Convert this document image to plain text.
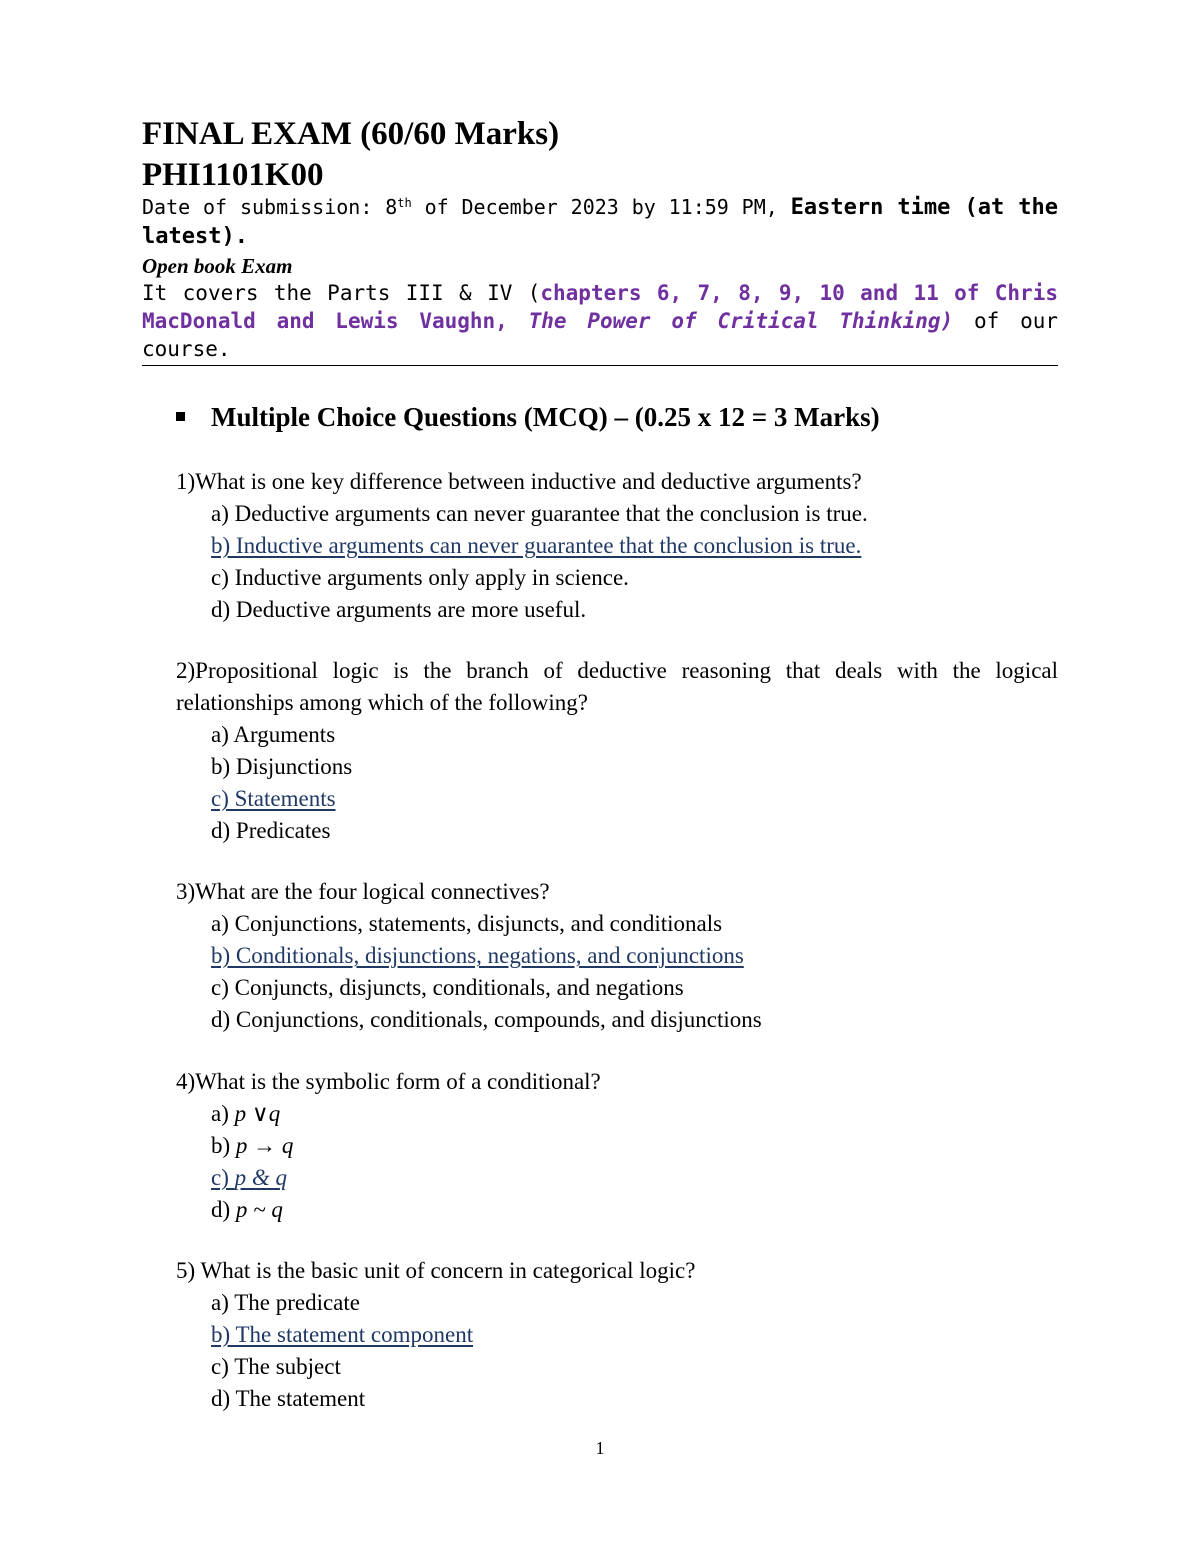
FINAL EXAM (60/60 Marks)
PHI1101K00
Date of submission: 8th of December 2023 by 11:59 PM, Eastern time (at the latest).
Open book Exam
It covers the Parts III & IV (chapters 6, 7, 8, 9, 10 and 11 of Chris MacDonald and Lewis Vaughn, The Power of Critical Thinking) of our course.
Multiple Choice Questions (MCQ) – (0.25 x 12 = 3 Marks)
1)What is one key difference between inductive and deductive arguments?
a) Deductive arguments can never guarantee that the conclusion is true.
b) Inductive arguments can never guarantee that the conclusion is true.
c) Inductive arguments only apply in science.
d) Deductive arguments are more useful.
2)Propositional logic is the branch of deductive reasoning that deals with the logical relationships among which of the following?
a) Arguments
b) Disjunctions
c) Statements
d) Predicates
3)What are the four logical connectives?
a) Conjunctions, statements, disjuncts, and conditionals
b) Conditionals, disjunctions, negations, and conjunctions
c) Conjuncts, disjuncts, conditionals, and negations
d) Conjunctions, conditionals, compounds, and disjunctions
4)What is the symbolic form of a conditional?
a) p ∨q
b) p → q
c) p & q
d) p ~ q
5) What is the basic unit of concern in categorical logic?
a) The predicate
b) The statement component
c) The subject
d) The statement
1
